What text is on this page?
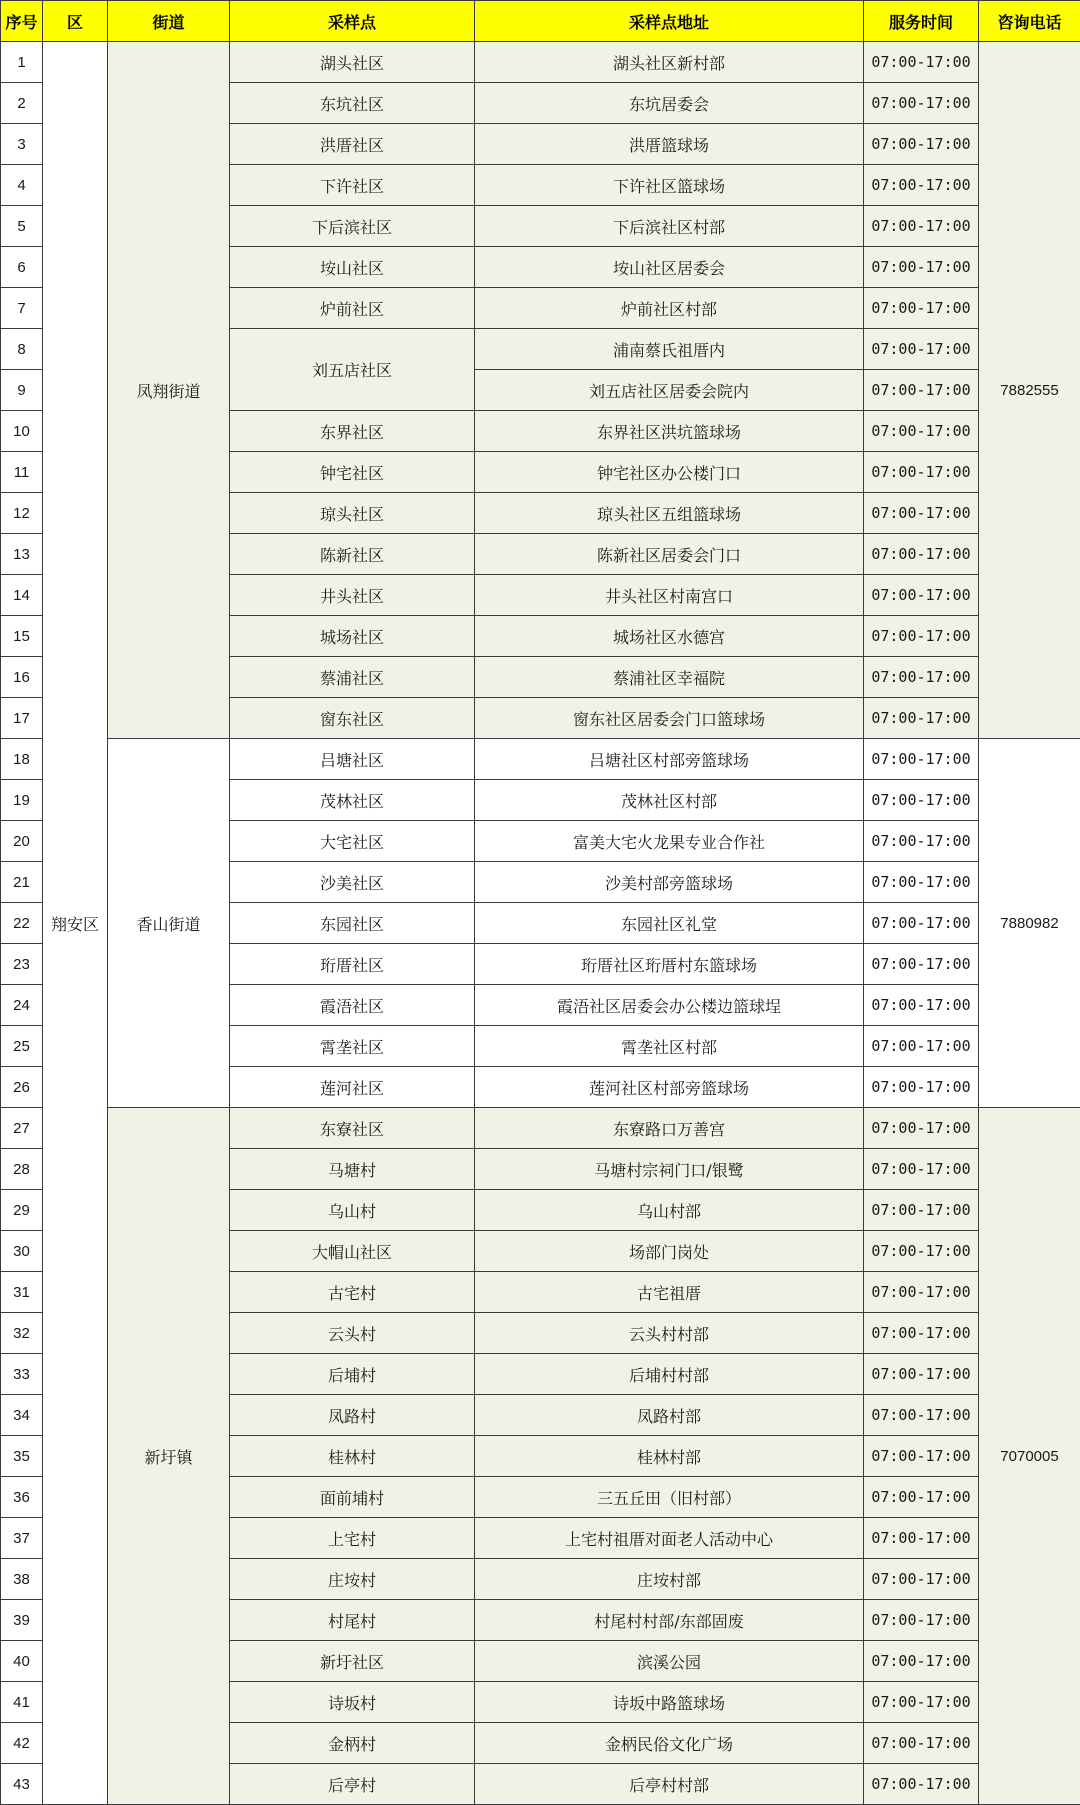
序号	区	街道	采样点	采样点地址	服务时间	咨询电话
1	翔安区	凤翔街道	湖头社区	湖头社区新村部	07:00-17:00	7882555
2			东坑社区	东坑居委会	07:00-17:00	
3			洪厝社区	洪厝篮球场	07:00-17:00	
4			下许社区	下许社区篮球场	07:00-17:00	
5			下后滨社区	下后滨社区村部	07:00-17:00	
6			垵山社区	垵山社区居委会	07:00-17:00	
7			炉前社区	炉前社区村部	07:00-17:00	
8			刘五店社区	浦南蔡氏祖厝内	07:00-17:00	
9				刘五店社区居委会院内	07:00-17:00	
10			东界社区	东界社区洪坑篮球场	07:00-17:00	
11			钟宅社区	钟宅社区办公楼门口	07:00-17:00	
12			琼头社区	琼头社区五组篮球场	07:00-17:00	
13			陈新社区	陈新社区居委会门口	07:00-17:00	
14			井头社区	井头社区村南宫口	07:00-17:00	
15			城场社区	城场社区水德宫	07:00-17:00	
16			蔡浦社区	蔡浦社区幸福院	07:00-17:00	
17			窗东社区	窗东社区居委会门口篮球场	07:00-17:00	
18		香山街道	吕塘社区	吕塘社区村部旁篮球场	07:00-17:00	7880982
19			茂林社区	茂林社区村部	07:00-17:00	
20			大宅社区	富美大宅火龙果专业合作社	07:00-17:00	
21			沙美社区	沙美村部旁篮球场	07:00-17:00	
22			东园社区	东园社区礼堂	07:00-17:00	
23			珩厝社区	珩厝社区珩厝村东篮球场	07:00-17:00	
24			霞浯社区	霞浯社区居委会办公楼边篮球埕	07:00-17:00	
25			霄垄社区	霄垄社区村部	07:00-17:00	
26			莲河社区	莲河社区村部旁篮球场	07:00-17:00	
27		新圩镇	东寮社区	东寮路口万善宫	07:00-17:00	7070005
28			马塘村	马塘村宗祠门口/银鹭	07:00-17:00	
29			乌山村	乌山村部	07:00-17:00	
30			大帽山社区	场部门岗处	07:00-17:00	
31			古宅村	古宅祖厝	07:00-17:00	
32			云头村	云头村村部	07:00-17:00	
33			后埔村	后埔村村部	07:00-17:00	
34			凤路村	凤路村部	07:00-17:00	
35			桂林村	桂林村部	07:00-17:00	
36			面前埔村	三五丘田（旧村部）	07:00-17:00	
37			上宅村	上宅村祖厝对面老人活动中心	07:00-17:00	
38			庄垵村	庄垵村部	07:00-17:00	
39			村尾村	村尾村村部/东部固废	07:00-17:00	
40			新圩社区	滨溪公园	07:00-17:00	
41			诗坂村	诗坂中路篮球场	07:00-17:00	
42			金柄村	金柄民俗文化广场	07:00-17:00	
43			后亭村	后亭村村部	07:00-17:00	
